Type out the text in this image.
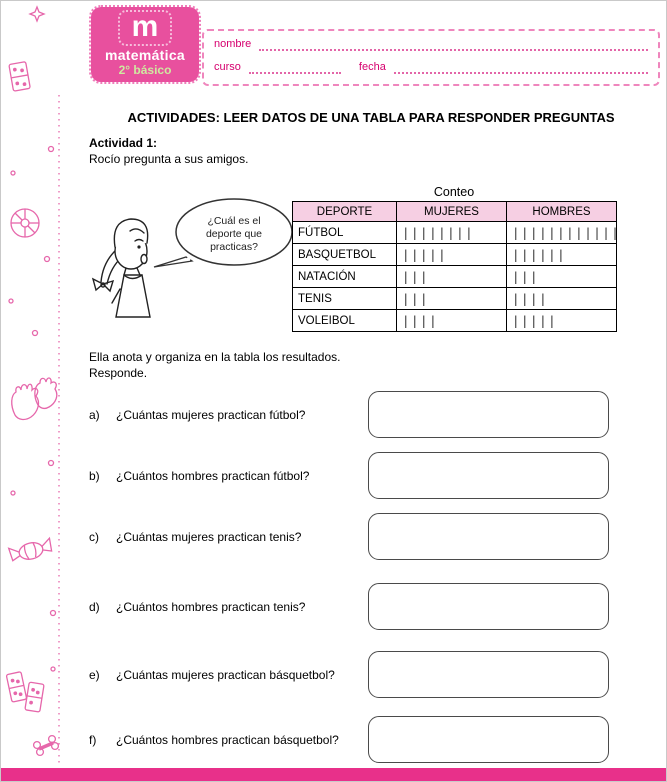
m
matemática
2° básico
nombre
curso	fecha
ACTIVIDADES: LEER DATOS DE UNA TABLA PARA RESPONDER PREGUNTAS
Actividad 1:
Rocío pregunta a sus amigos.
¿Cuál es el
deporte que
practicas?
Conteo
DEPORTE	MUJERES	HOMBRES
FÚTBOL	||||||||	||||||||||||
BASQUETBOL	|||||	||||||
NATACIÓN	|||	|||
TENIS	|||	||||
VOLEIBOL	||||	|||||
Ella anota y organiza en la tabla los resultados.
Responde.
a)	¿Cuántas mujeres practican fútbol?
b)	¿Cuántos hombres practican fútbol?
c)	¿Cuántas mujeres practican tenis?
d)	¿Cuántos hombres practican tenis?
e)	¿Cuántas mujeres practican básquetbol?
f)	¿Cuántos hombres practican básquetbol?
